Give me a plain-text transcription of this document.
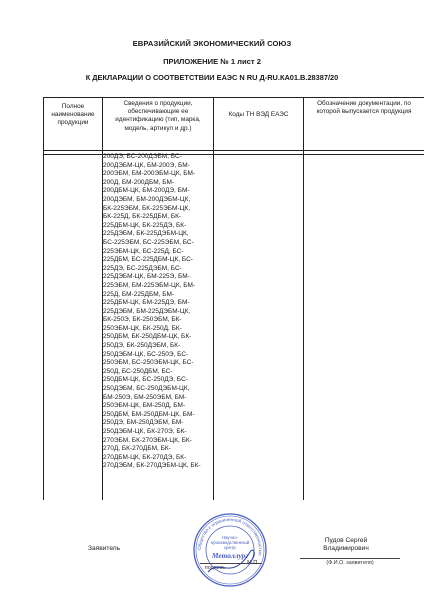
ЕВРАЗИЙСКИЙ ЭКОНОМИЧЕСКИЙ СОЮЗ
ПРИЛОЖЕНИЕ № 1 лист 2
К ДЕКЛАРАЦИИ О СООТВЕТСТВИИ ЕАЭС N RU Д-RU.КА01.В.28387/20
Полное наименование продукции
Сведения о продукции, обеспечивающие ее идентификацию (тип, марка, модель, артикул и др.)
Коды ТН ВЭД ЕАЭС
Обозначение документации, по которой выпускается продукция
200ДЭ, БС-200ДЭБМ, БС-
200ДЭБМ-ЦК, БМ-200Э, БМ-
200ЭБМ, БМ-200ЭБМ-ЦК, БМ-
200Д, БМ-200ДБМ, БМ-
200ДБМ-ЦК, БМ-200ДЭ, БМ-
200ДЭБМ, БМ-200ДЭБМ-ЦК,
БК-225ЭБМ, БК-225ЭБМ-ЦК,
БК-225Д, БК-225ДБМ, БК-
225ДБМ-ЦК, БК-225ДЭ, БК-
225ДЭБМ, БК-225ДЭБМ-ЦК,
БС-225ЭБМ, БС-225ЭБМ, БС-
225ЭБМ-ЦК, БС-225Д, БС-
225ДБМ, БС-225ДБМ-ЦК, БС-
225ДЭ, БС-225ДЭБМ, БС-
225ДЭБМ-ЦК, БМ-225Э, БМ-
225ЭБМ, БМ-225ЭБМ-ЦК, БМ-
225Д, БМ-225ДБМ, БМ-
225ДБМ-ЦК, БМ-225ДЭ, БМ-
225ДЭБМ, БМ-225ДЭБМ-ЦК,
БК-250Э, БК-250ЭБМ, БК-
250ЭБМ-ЦК, БК-250Д, БК-
250ДБМ, БК-250ДБМ-ЦК, БК-
250ДЭ, БК-250ДЭБМ, БК-
250ДЭБМ-ЦК, БС-250Э, БС-
250ЭБМ, БС-250ЭБМ-ЦК, БС-
250Д, БС-250ДБМ, БС-
250ДБМ-ЦК, БС-250ДЭ, БС-
250ДЭБМ, БС-250ДЭБМ-ЦК,
БМ-250Э, БМ-250ЭБМ, БМ-
250ЭБМ-ЦК, БМ-250Д, БМ-
250ДБМ, БМ-250ДБМ-ЦК, БМ-
250ДЭ, БМ-250ДЭБМ, БМ-
250ДЭБМ-ЦК, БК-270Э, БК-
270ЭБМ, БК-270ЭБМ-ЦК, БК-
270Д, БК-270ДБМ, БК-
270ДБМ-ЦК, БК-270ДЭ, БК-
270ДЭБМ, БК-270ДЭБМ-ЦК, БК-
Заявитель
подпись
М.П.
Пудов Сергей
Владимирович
(Ф.И.О. заявителя)
Общество с ограниченной ответственностью
Научно-
производственный
центр
Металлург
